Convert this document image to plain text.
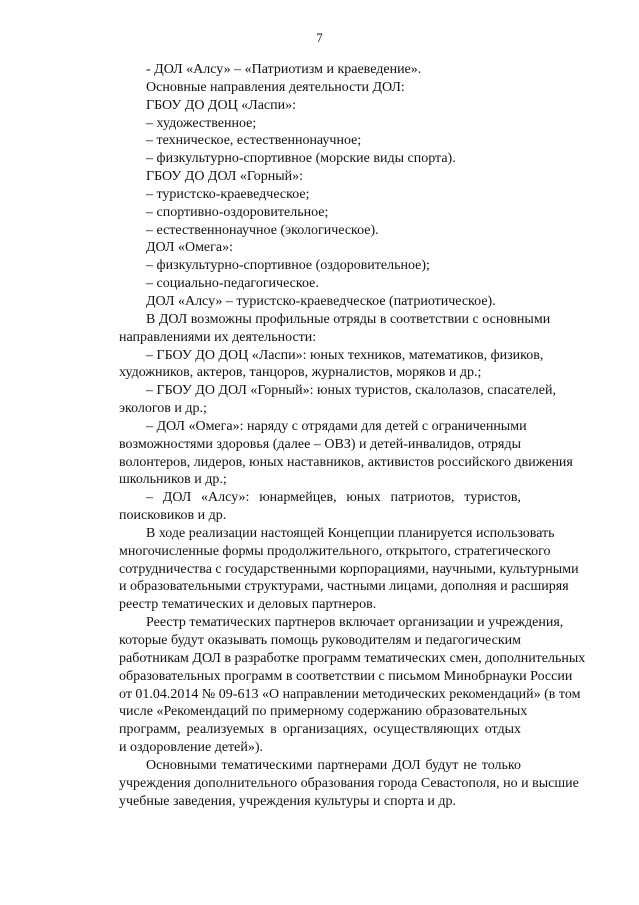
7
- ДОЛ «Алсу» – «Патриотизм и краеведение».
Основные направления деятельности ДОЛ:
ГБОУ ДО ДОЦ «Ласпи»:
– художественное;
– техническое, естественнонаучное;
– физкультурно-спортивное (морские виды спорта).
ГБОУ ДО ДОЛ «Горный»:
– туристско-краеведческое;
– спортивно-оздоровительное;
– естественнонаучное (экологическое).
ДОЛ «Омега»:
– физкультурно-спортивное (оздоровительное);
– социально-педагогическое.
ДОЛ «Алсу» – туристско-краеведческое (патриотическое).
В ДОЛ возможны профильные отряды в соответствии с основными
направлениями их деятельности:
– ГБОУ ДО ДОЦ «Ласпи»: юных техников, математиков, физиков,
художников, актеров, танцоров, журналистов, моряков и др.;
– ГБОУ ДО ДОЛ «Горный»: юных туристов, скалолазов, спасателей,
экологов и др.;
– ДОЛ «Омега»: наряду с отрядами для детей с ограниченными
возможностями здоровья (далее – ОВЗ) и детей-инвалидов, отряды
волонтеров, лидеров, юных наставников, активистов российского движения
школьников и др.;
– ДОЛ «Алсу»: юнармейцев, юных патриотов, туристов,
поисковиков и др.
В ходе реализации настоящей Концепции планируется использовать
многочисленные формы продолжительного, открытого, стратегического
сотрудничества с государственными корпорациями, научными, культурными
и образовательными структурами, частными лицами, дополняя и расширяя
реестр тематических и деловых партнеров.
Реестр тематических партнеров включает организации и учреждения,
которые будут оказывать помощь руководителям и педагогическим
работникам ДОЛ в разработке программ тематических смен, дополнительных
образовательных программ в соответствии с письмом Минобрнауки России
от 01.04.2014 № 09-613 «О направлении методических рекомендаций» (в том
числе «Рекомендаций по примерному содержанию образовательных
программ, реализуемых в организациях, осуществляющих отдых
и оздоровление детей»).
Основными тематическими партнерами ДОЛ будут не только
учреждения дополнительного образования города Севастополя, но и высшие
учебные заведения, учреждения культуры и спорта и др.
